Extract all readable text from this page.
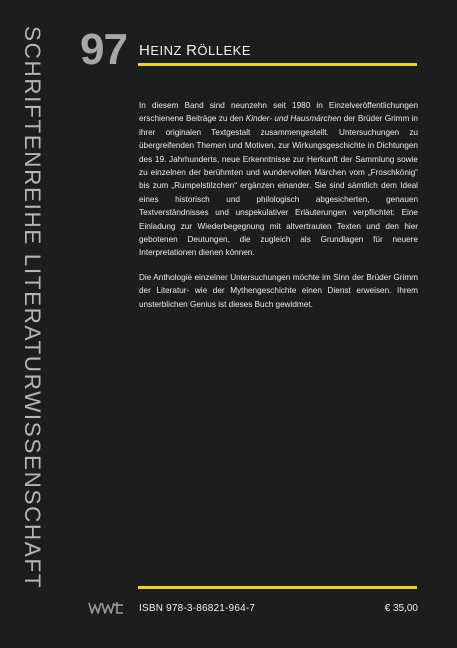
SCHRIFTENREIHE LITERATURWISSENSCHAFT 97 HEINZ RÖLLEKE

In diesem Band sind neunzehn seit 1980 in Einzelveröffentlichungen erschienene Beiträge zu den Kinder- und Hausmärchen der Brüder Grimm in ihrer originalen Textgestalt zusammengestellt. Untersuchungen zu übergreifenden Themen und Motiven, zur Wirkungsgeschichte in Dichtungen des 19. Jahrhunderts, neue Erkenntnisse zur Herkunft der Sammlung sowie zu einzelnen der berühmten und wundervollen Märchen vom „Froschkönig“ bis zum „Rumpelstilzchen“ ergänzen einander. Sie sind sämtlich dem Ideal eines historisch und philologisch abgesicherten, genauen Textverständnisses und unspekulativer Erläuterungen verpflichtet: Eine Einladung zur Wiederbegegnung mit altvertrauten Texten und den hier gebotenen Deutungen, die zugleich als Grundlagen für neuere Interpretationen dienen können.

Die Anthologie einzelner Untersuchungen möchte im Sinn der Brüder Grimm der Literatur- wie der Mythengeschichte einen Dienst erweisen. Ihrem unsterblichen Genius ist dieses Buch gewidmet.

ISBN 978-3-86821-964-7	€ 35,00
